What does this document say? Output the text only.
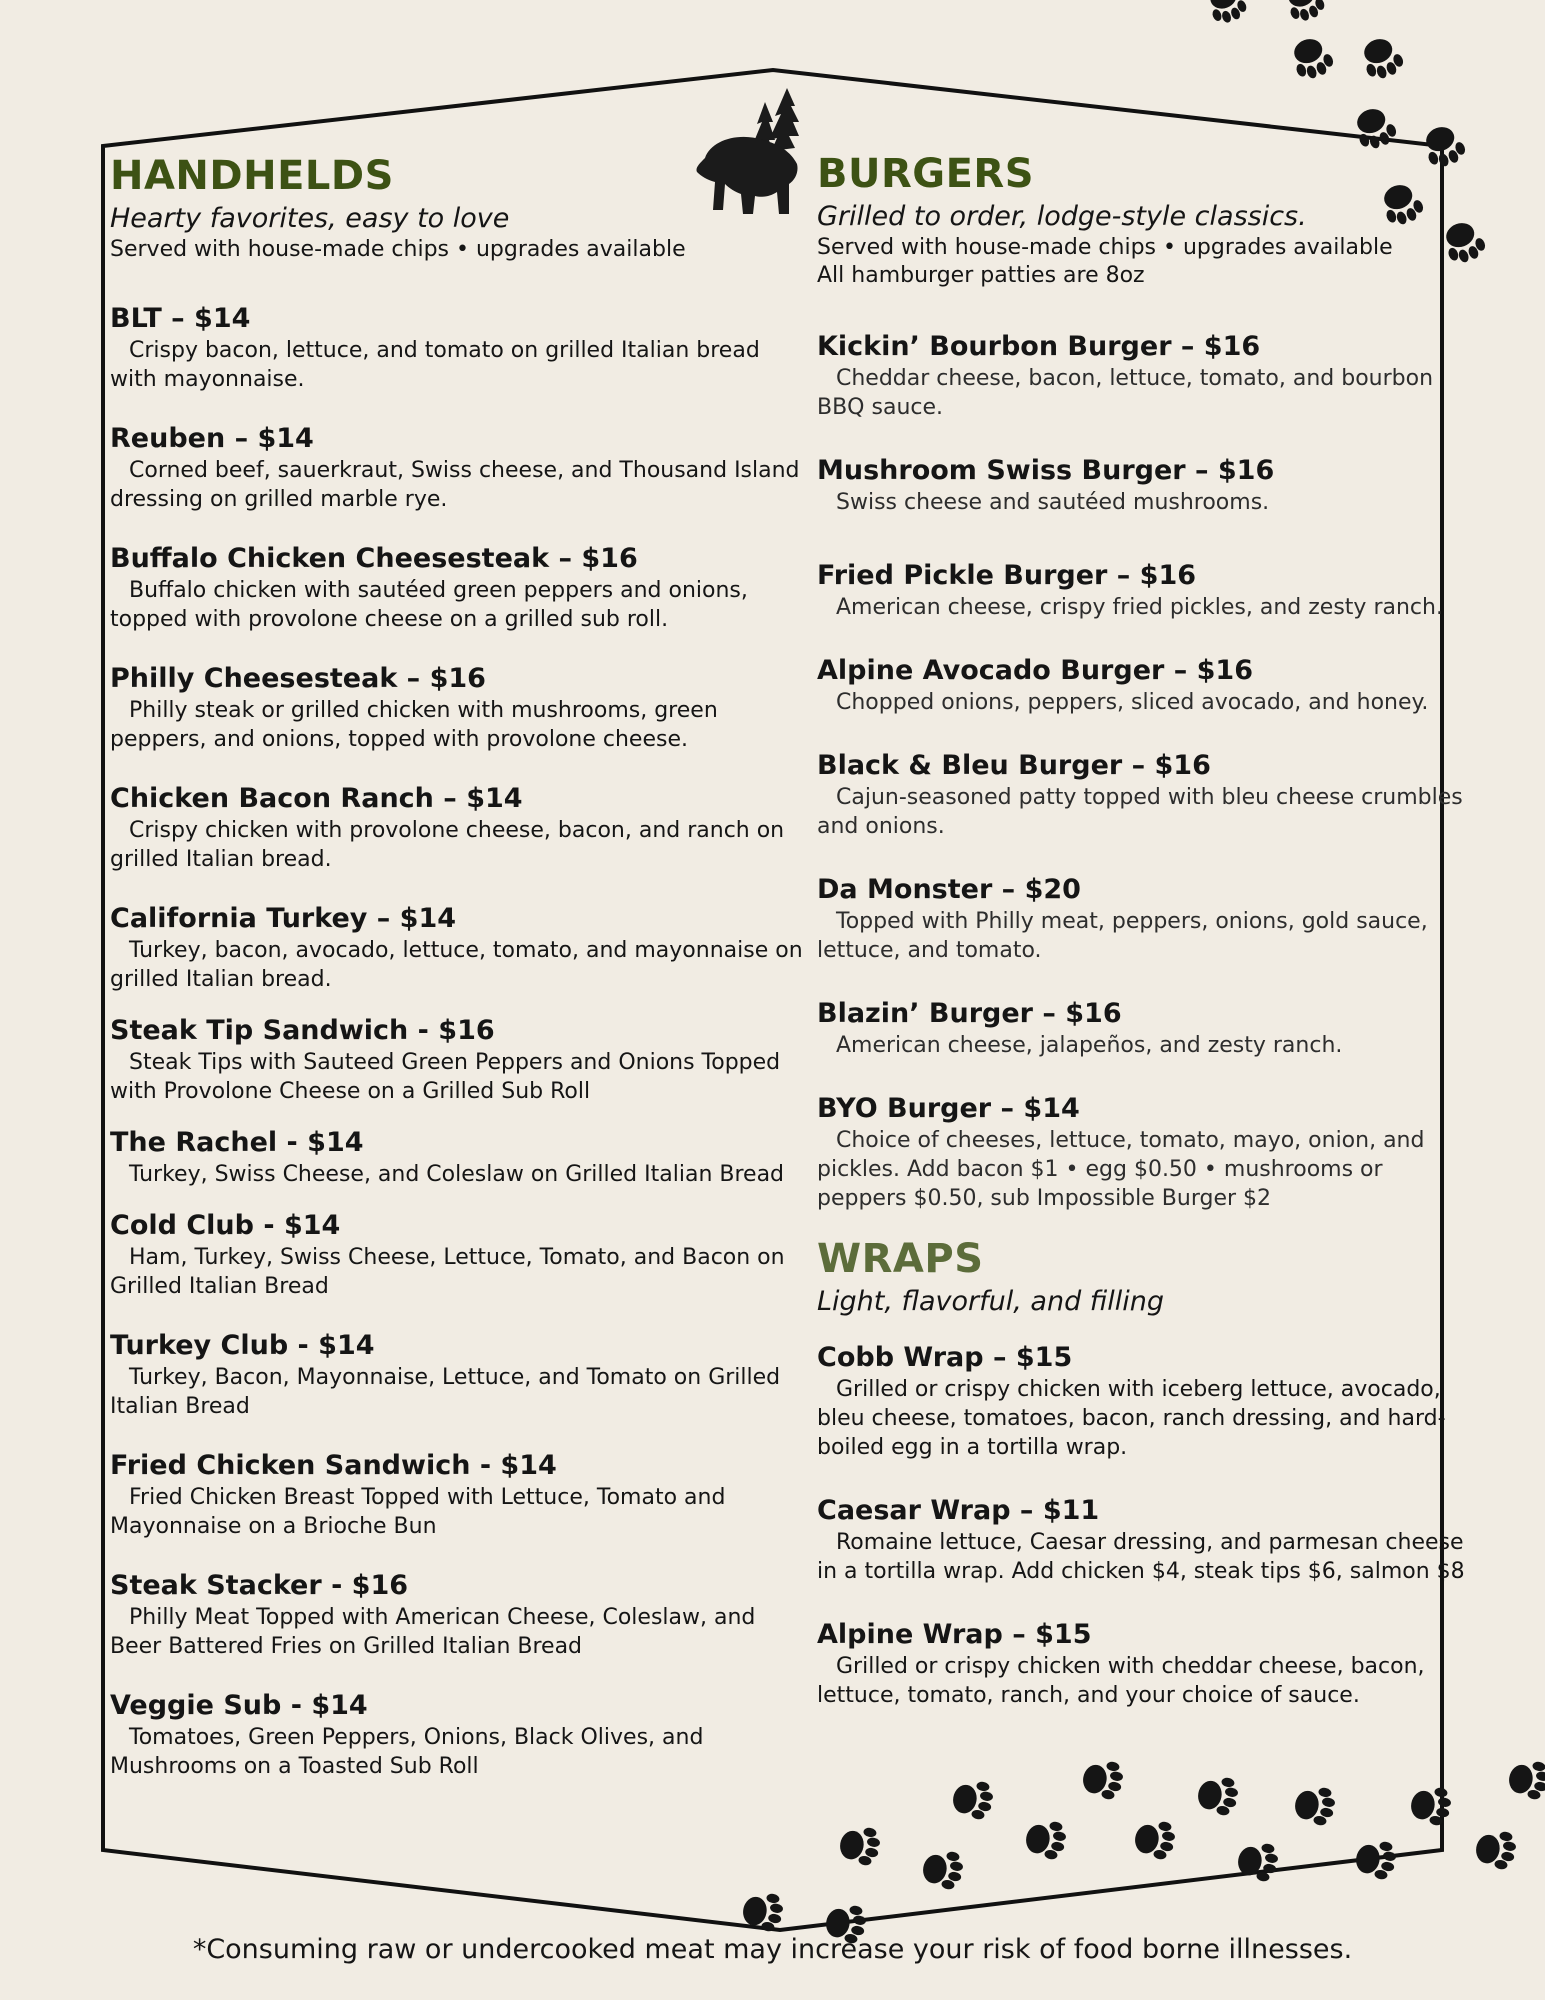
HANDHELDS
Hearty favorites, easy to love
Served with house-made chips • upgrades available
BLT – $14
Crispy bacon, lettuce, and tomato on grilled Italian bread with mayonnaise.
Reuben – $14
Corned beef, sauerkraut, Swiss cheese, and Thousand Island dressing on grilled marble rye.
Buffalo Chicken Cheesesteak – $16
Buffalo chicken with sautéed green peppers and onions, topped with provolone cheese on a grilled sub roll.
Philly Cheesesteak – $16
Philly steak or grilled chicken with mushrooms, green peppers, and onions, topped with provolone cheese.
Chicken Bacon Ranch – $14
Crispy chicken with provolone cheese, bacon, and ranch on grilled Italian bread.
California Turkey – $14
Turkey, bacon, avocado, lettuce, tomato, and mayonnaise on grilled Italian bread.
Steak Tip Sandwich - $16
Steak Tips with Sauteed Green Peppers and Onions Topped with Provolone Cheese on a Grilled Sub Roll
The Rachel - $14
Turkey, Swiss Cheese, and Coleslaw on Grilled Italian Bread
Cold Club - $14
Ham, Turkey, Swiss Cheese, Lettuce, Tomato, and Bacon on Grilled Italian Bread
Turkey Club - $14
Turkey, Bacon, Mayonnaise, Lettuce, and Tomato on Grilled Italian Bread
Fried Chicken Sandwich - $14
Fried Chicken Breast Topped with Lettuce, Tomato and Mayonnaise on a Brioche Bun
Steak Stacker - $16
Philly Meat Topped with American Cheese, Coleslaw, and Beer Battered Fries on Grilled Italian Bread
Veggie Sub - $14
Tomatoes, Green Peppers, Onions, Black Olives, and Mushrooms on a Toasted Sub Roll
BURGERS
Grilled to order, lodge-style classics.
Served with house-made chips • upgrades available
All hamburger patties are 8oz
Kickin’ Bourbon Burger – $16
Cheddar cheese, bacon, lettuce, tomato, and bourbon BBQ sauce.
Mushroom Swiss Burger – $16
Swiss cheese and sautéed mushrooms.
Fried Pickle Burger – $16
American cheese, crispy fried pickles, and zesty ranch.
Alpine Avocado Burger – $16
Chopped onions, peppers, sliced avocado, and honey.
Black & Bleu Burger – $16
Cajun-seasoned patty topped with bleu cheese crumbles and onions.
Da Monster – $20
Topped with Philly meat, peppers, onions, gold sauce, lettuce, and tomato.
Blazin’ Burger – $16
American cheese, jalapeños, and zesty ranch.
BYO Burger – $14
Choice of cheeses, lettuce, tomato, mayo, onion, and pickles. Add bacon $1 • egg $0.50 • mushrooms or peppers $0.50, sub Impossible Burger $2
WRAPS
Light, flavorful, and filling
Cobb Wrap – $15
Grilled or crispy chicken with iceberg lettuce, avocado, bleu cheese, tomatoes, bacon, ranch dressing, and hard-boiled egg in a tortilla wrap.
Caesar Wrap – $11
Romaine lettuce, Caesar dressing, and parmesan cheese in a tortilla wrap. Add chicken $4, steak tips $6, salmon $8
Alpine Wrap – $15
Grilled or crispy chicken with cheddar cheese, bacon, lettuce, tomato, ranch, and your choice of sauce.
*Consuming raw or undercooked meat may increase your risk of food borne illnesses.
